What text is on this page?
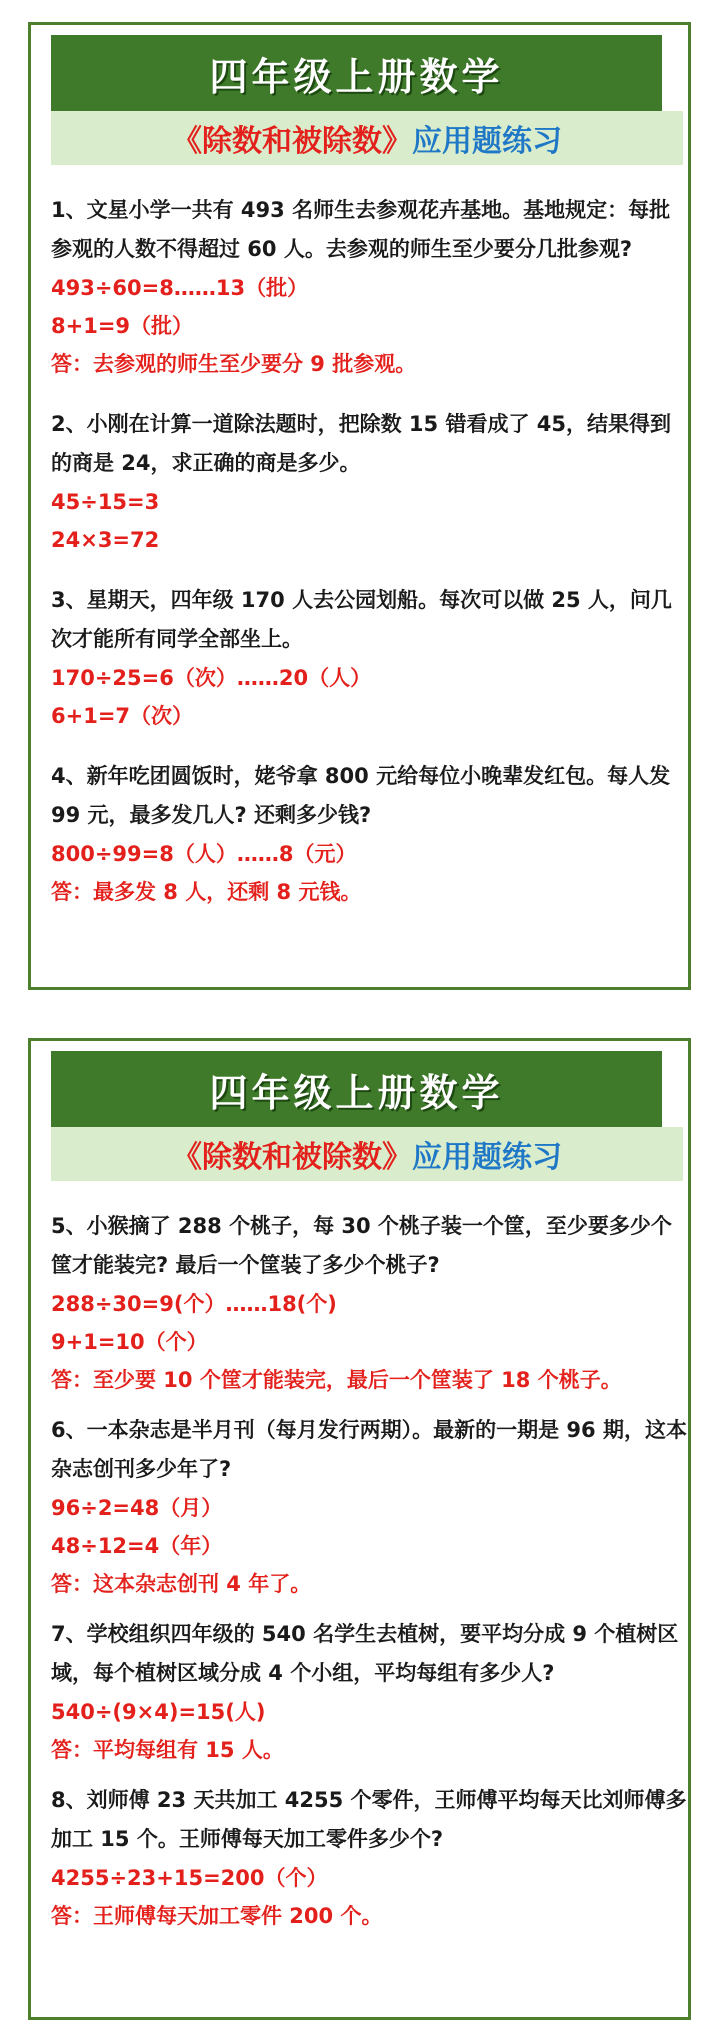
四年级上册数学
《除数和被除数》 应用题练习

1、文星小学一共有 493 名师生去参观花卉基地。基地规定：每批参观的人数不得超过 60 人。去参观的师生至少要分几批参观?

493÷60=8……13（批）

8+1=9（批）

答：去参观的师生至少要分 9 批参观。

2、小刚在计算一道除法题时，把除数 15 错看成了 45，结果得到的商是 24，求正确的商是多少。

45÷15=3

24×3=72

3、星期天，四年级 170 人去公园划船。每次可以做 25 人，问几次才能所有同学全部坐上。

170÷25=6（次）……20（人）

6+1=7（次）

4、新年吃团圆饭时，姥爷拿 800 元给每位小晚辈发红包。每人发 99 元，最多发几人? 还剩多少钱?

800÷99=8（人）……8（元）

答：最多发 8 人，还剩 8 元钱。

四年级上册数学
《除数和被除数》 应用题练习

5、小猴摘了 288 个桃子，每 30 个桃子装一个筐，至少要多少个筐才能装完? 最后一个筐装了多少个桃子?

288÷30=9(个）……18(个)

9+1=10（个）

答：至少要 10 个筐才能装完，最后一个筐装了 18 个桃子。

6、一本杂志是半月刊（每月发行两期）。最新的一期是 96 期，这本杂志创刊多少年了?

96÷2=48（月）

48÷12=4（年）

答：这本杂志创刊 4 年了。

7、学校组织四年级的 540 名学生去植树，要平均分成 9 个植树区域，每个植树区域分成 4 个小组，平均每组有多少人?

540÷(9×4)=15(人)

答：平均每组有 15 人。

8、刘师傅 23 天共加工 4255 个零件，王师傅平均每天比刘师傅多加工 15 个。王师傅每天加工零件多少个?

4255÷23+15=200（个）

答：王师傅每天加工零件 200 个。
